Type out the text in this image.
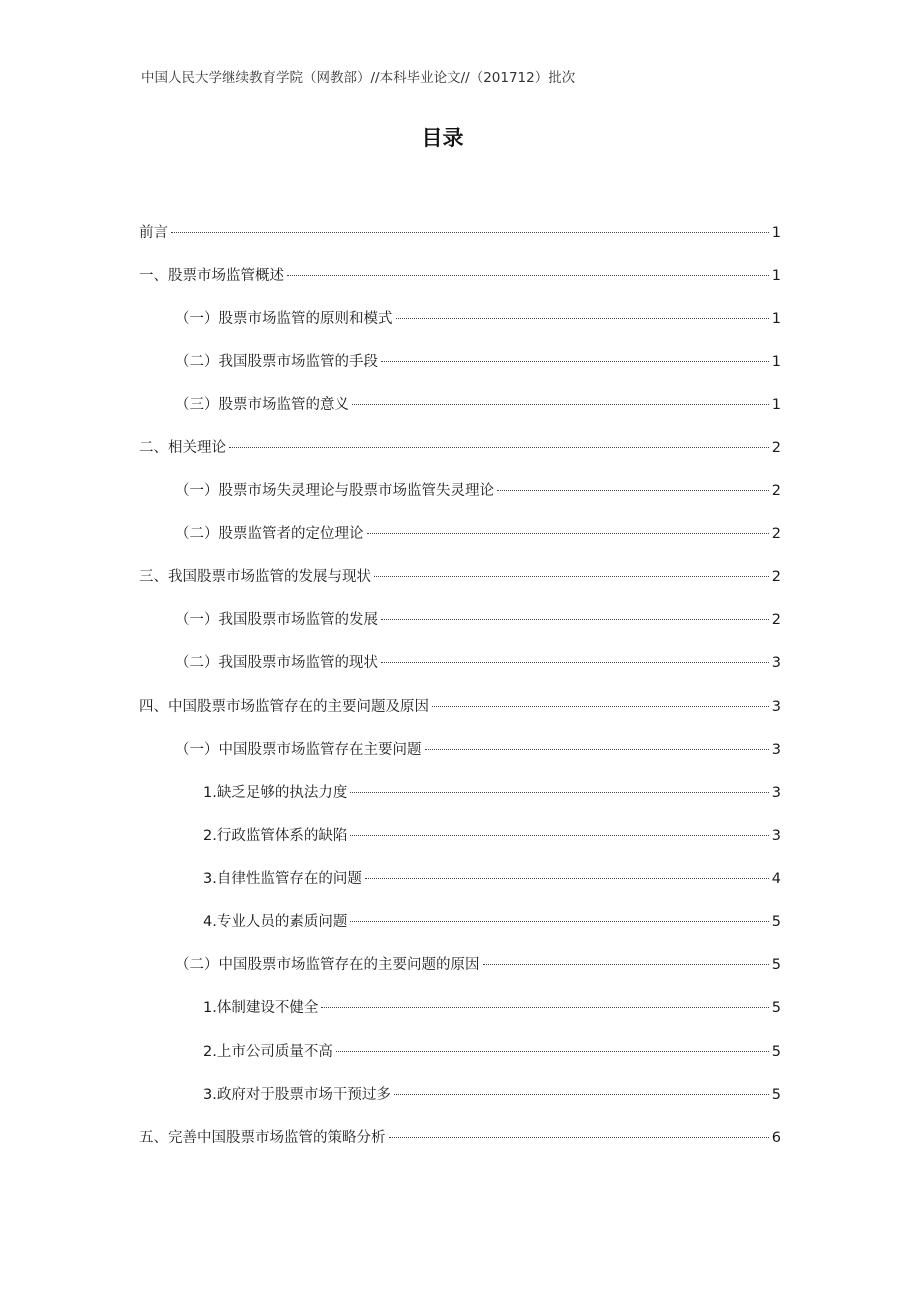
中国人民大学继续教育学院（网教部）//本科毕业论文//（201712）批次
目录
前言	1
一、股票市场监管概述	1
（一）股票市场监管的原则和模式	1
（二）我国股票市场监管的手段	1
（三）股票市场监管的意义	1
二、相关理论	2
（一）股票市场失灵理论与股票市场监管失灵理论	2
（二）股票监管者的定位理论	2
三、我国股票市场监管的发展与现状	2
（一）我国股票市场监管的发展	2
（二）我国股票市场监管的现状	3
四、中国股票市场监管存在的主要问题及原因	3
（一）中国股票市场监管存在主要问题	3
1.缺乏足够的执法力度	3
2.行政监管体系的缺陷	3
3.自律性监管存在的问题	4
4.专业人员的素质问题	5
（二）中国股票市场监管存在的主要问题的原因	5
1.体制建设不健全	5
2.上市公司质量不高	5
3.政府对于股票市场干预过多	5
五、完善中国股票市场监管的策略分析	6
